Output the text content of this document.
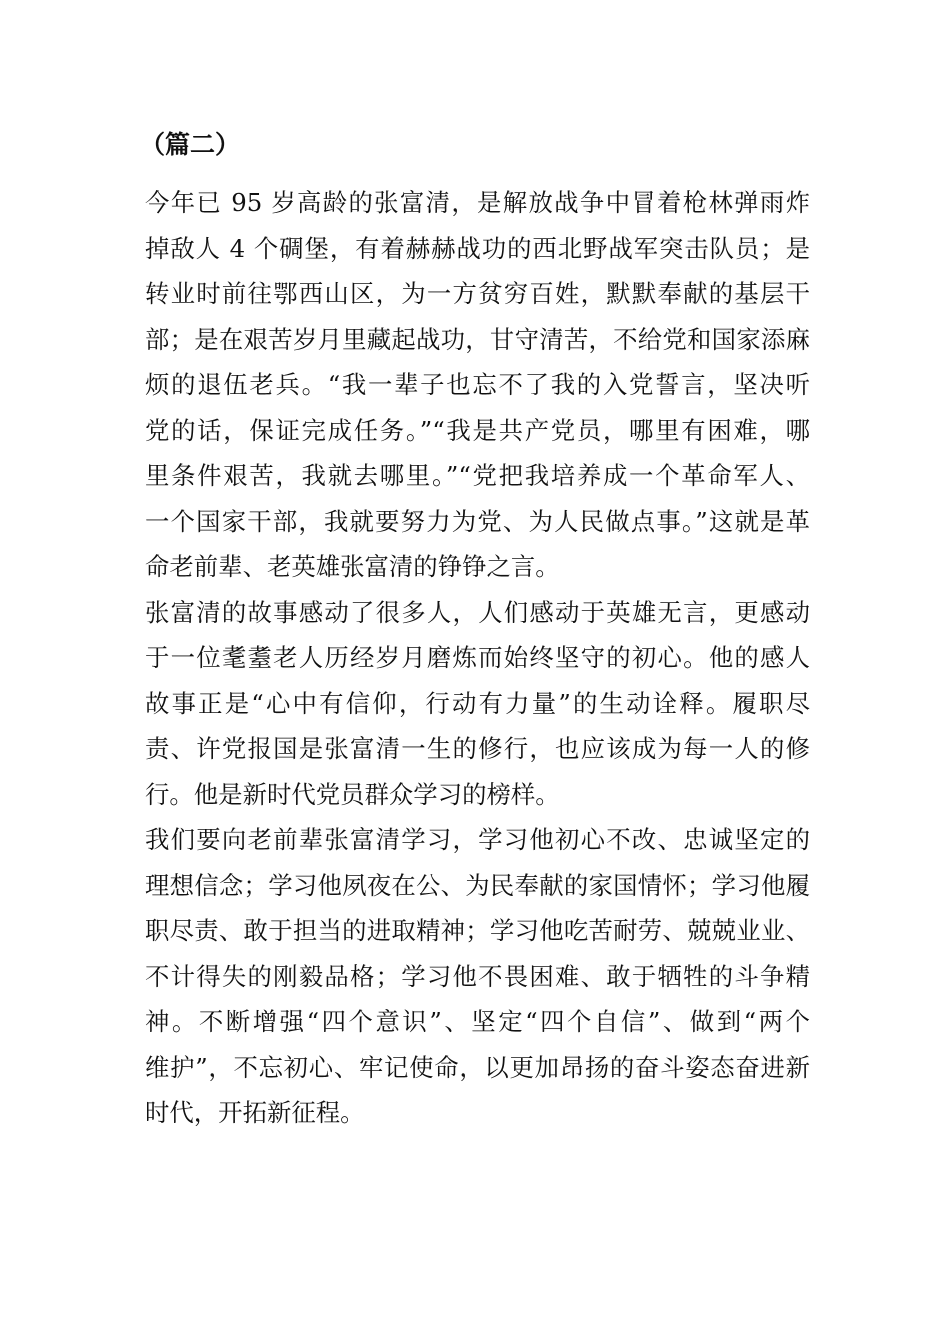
（篇二）
今年已 95 岁高龄的张富清，是解放战争中冒着枪林弹雨炸
掉敌人 4 个碉堡，有着赫赫战功的西北野战军突击队员；是
转业时前往鄂西山区，为一方贫穷百姓，默默奉献的基层干
部；是在艰苦岁月里藏起战功，甘守清苦，不给党和国家添麻
烦的退伍老兵。“我一辈子也忘不了我的入党誓言，坚决听
党的话，保证完成任务。”“我是共产党员，哪里有困难，哪
里条件艰苦，我就去哪里。”“党把我培养成一个革命军人、
一个国家干部，我就要努力为党、为人民做点事。”这就是革
命老前辈、老英雄张富清的铮铮之言。
张富清的故事感动了很多人，人们感动于英雄无言，更感动
于一位耄耋老人历经岁月磨炼而始终坚守的初心。他的感人
故事正是“心中有信仰，行动有力量”的生动诠释。履职尽
责、许党报国是张富清一生的修行，也应该成为每一人的修
行。他是新时代党员群众学习的榜样。
我们要向老前辈张富清学习，学习他初心不改、忠诚坚定的
理想信念；学习他夙夜在公、为民奉献的家国情怀；学习他履
职尽责、敢于担当的进取精神；学习他吃苦耐劳、兢兢业业、
不计得失的刚毅品格；学习他不畏困难、敢于牺牲的斗争精
神。不断增强“四个意识”、坚定“四个自信”、做到“两个
维护”，不忘初心、牢记使命，以更加昂扬的奋斗姿态奋进新
时代，开拓新征程。
